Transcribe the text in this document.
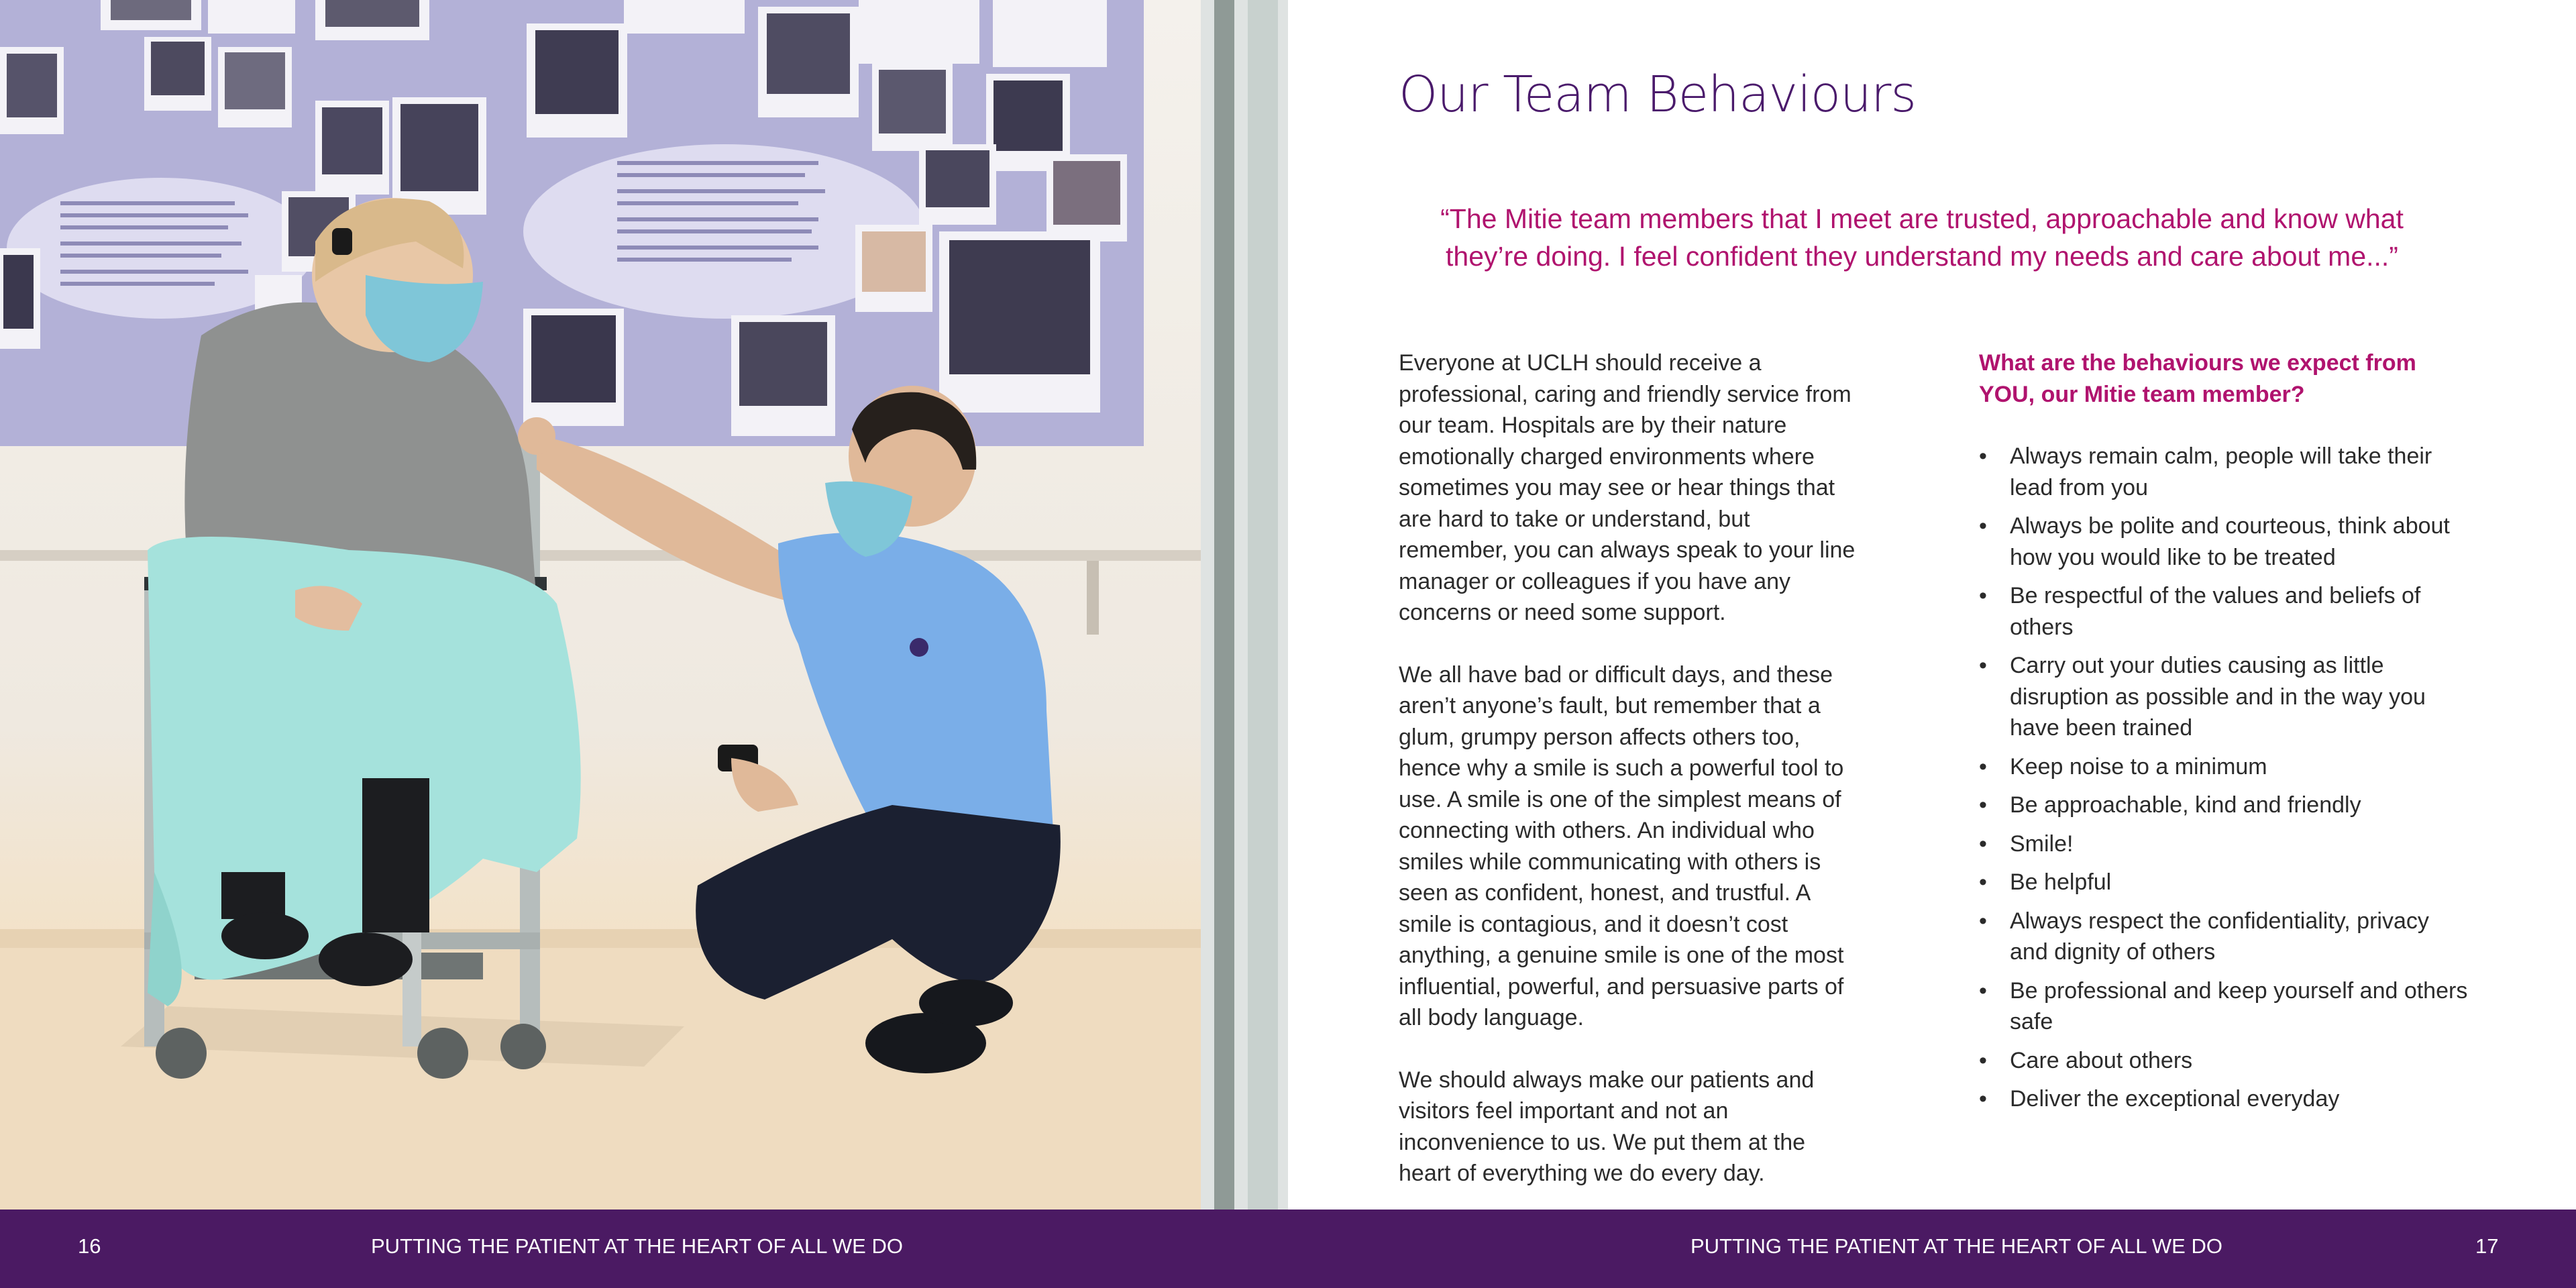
Our Team Behaviours

“The Mitie team members that I meet are trusted, approachable and know what they’re doing. I feel confident they understand my needs and care about me...”

Everyone at UCLH should receive a professional, caring and friendly service from our team. Hospitals are by their nature emotionally charged environments where sometimes you may see or hear things that are hard to take or understand, but remember, you can always speak to your line manager or colleagues if you have any concerns or need some support.

We all have bad or difficult days, and these aren’t anyone’s fault, but remember that a glum, grumpy person affects others too, hence why a smile is such a powerful tool to use. A smile is one of the simplest means of connecting with others. An individual who smiles while communicating with others is seen as confident, honest, and trustful. A smile is contagious, and it doesn’t cost anything, a genuine smile is one of the most influential, powerful, and persuasive parts of all body language.

We should always make our patients and visitors feel important and not an inconvenience to us. We put them at the heart of everything we do every day.

What are the behaviours we expect from YOU, our Mitie team member?
• Always remain calm, people will take their lead from you
• Always be polite and courteous, think about how you would like to be treated
• Be respectful of the values and beliefs of others
• Carry out your duties causing as little disruption as possible and in the way you have been trained
• Keep noise to a minimum
• Be approachable, kind and friendly
• Smile!
• Be helpful
• Always respect the confidentiality, privacy and dignity of others
• Be professional and keep yourself and others safe
• Care about others
• Deliver the exceptional everyday
16	PUTTING THE PATIENT AT THE HEART OF ALL WE DO	PUTTING THE PATIENT AT THE HEART OF ALL WE DO	17
